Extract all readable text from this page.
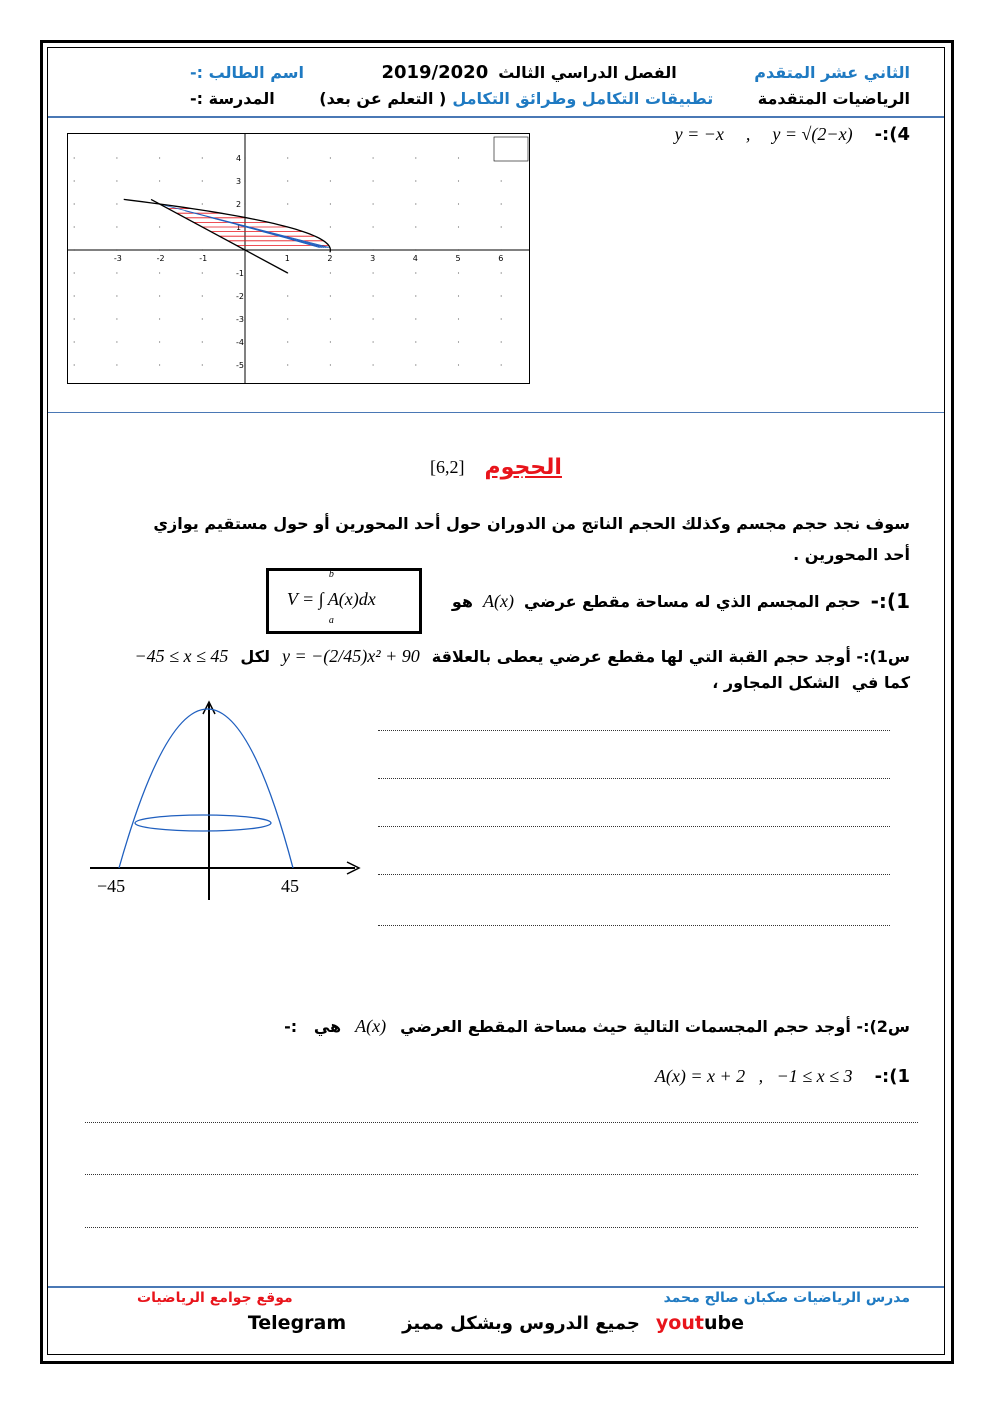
الثاني عشر المتقدم
الفصل الدراسي الثالث
2019/2020
اسم الطالب :-
الرياضيات المتقدمة
تطبيقات التكامل وطرائق التكامل
( التعلم عن بعد)
المدرسة :-
4):-
y = √(2−x)
,
y = −x
-3	-2	-1	1	2	3	4	5	6
4
3
2
1
-1
-2
-3
-4
-5
الحجوم
[6,2]
سوف نجد حجم مجسم وكذلك الحجم الناتج من الدوران حول أحد المحورين أو حول مستقيم يوازي أحد المحورين .
1):-
حجم المجسم الذي له مساحة مقطع عرضي
A(x)
هو
b
V = ∫ A(x)dx
a
س1):- أوجد حجم القبة التي لها مقطع عرضي يعطى بالعلاقة
y = −(2/45)x² + 90
لكل
−45 ≤ x ≤ 45
كما في
الشكل المجاور ،
−45	45
س2):- أوجد حجم المجسمات التالية حيث مساحة المقطع العرضي
A(x)
هي   :-
1):-
A(x) = x + 2   ,   −1 ≤ x ≤ 3
مدرس الرياضيات صكبان صالح محمد
موقع جوامع الرياضيات
youtube
جميع الدروس وبشكل مميز
Telegram
